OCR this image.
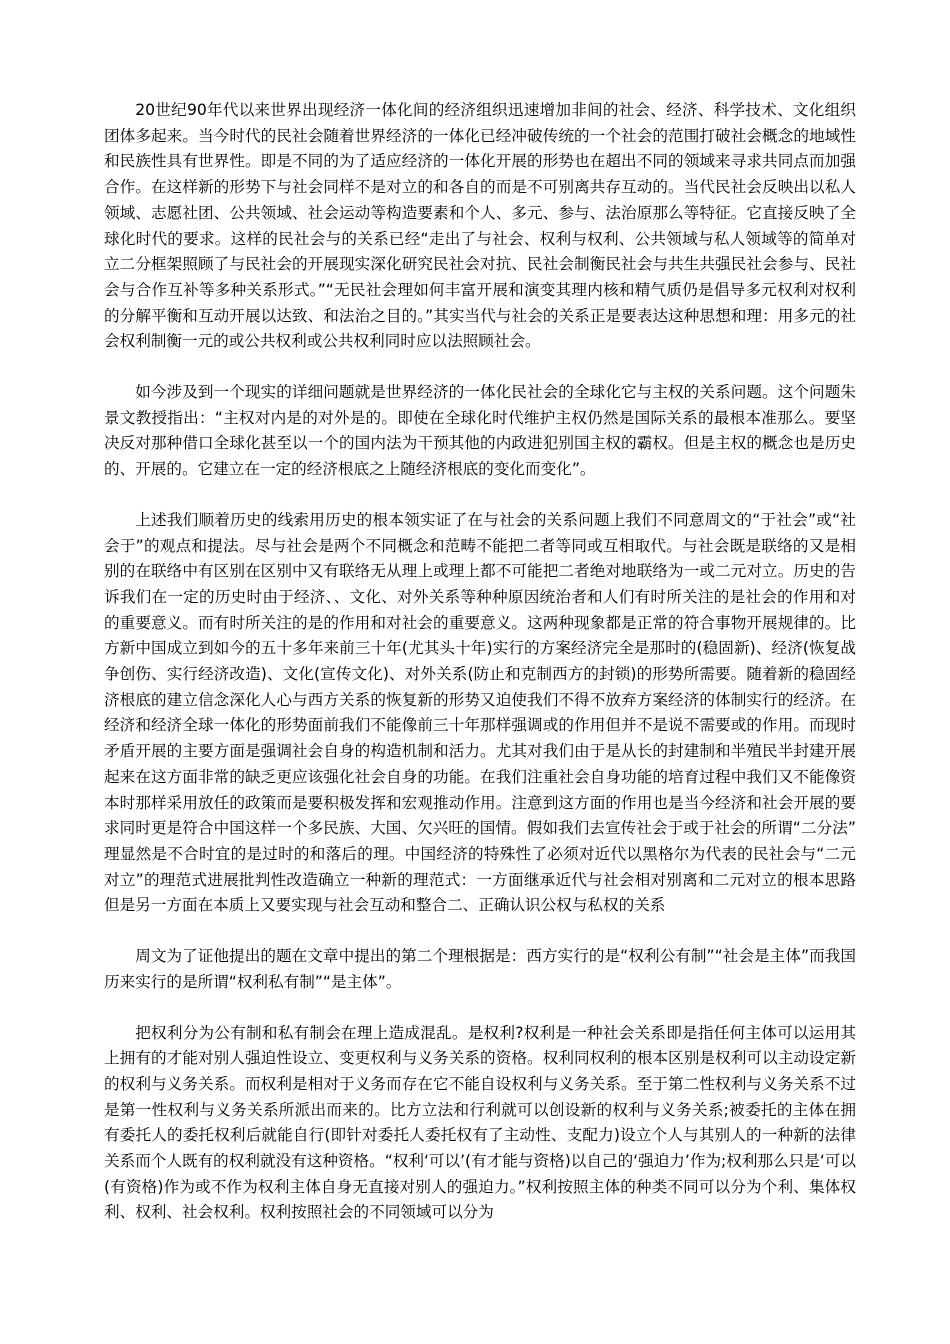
20世纪90年代以来世界出现经济一体化间的经济组织迅速增加非间的社会、经济、科学技术、文化组织团体多起来。当今时代的民社会随着世界经济的一体化已经冲破传统的一个社会的范围打破社会概念的地域性和民族性具有世界性。即是不同的为了适应经济的一体化开展的形势也在超出不同的领域来寻求共同点而加强合作。在这样新的形势下与社会同样不是对立的和各自的而是不可别离共存互动的。当代民社会反映出以私人领域、志愿社团、公共领域、社会运动等构造要素和个人、多元、参与、法治原那么等特征。它直接反映了全球化时代的要求。这样的民社会与的关系已经“走出了与社会、权利与权利、公共领域与私人领域等的简单对立二分框架照顾了与民社会的开展现实深化研究民社会对抗、民社会制衡民社会与共生共强民社会参与、民社会与合作互补等多种关系形式。”“无民社会理如何丰富开展和演变其理内核和精气质仍是倡导多元权利对权利的分解平衡和互动开展以达致、和法治之目的。”其实当代与社会的关系正是要表达这种思想和理：用多元的社会权利制衡一元的或公共权利或公共权利同时应以法照顾社会。

如今涉及到一个现实的详细问题就是世界经济的一体化民社会的全球化它与主权的关系问题。这个问题朱景文教授指出：“主权对内是的对外是的。即使在全球化时代维护主权仍然是国际关系的最根本准那么。要坚决反对那种借口全球化甚至以一个的国内法为干预其他的内政进犯别国主权的霸权。但是主权的概念也是历史的、开展的。它建立在一定的经济根底之上随经济根底的变化而变化”。

上述我们顺着历史的线索用历史的根本领实证了在与社会的关系问题上我们不同意周文的“于社会”或“社会于”的观点和提法。尽与社会是两个不同概念和范畴不能把二者等同或互相取代。与社会既是联络的又是相别的在联络中有区别在区别中又有联络无从理上或理上都不可能把二者绝对地联络为一或二元对立。历史的告诉我们在一定的历史时由于经济、、文化、对外关系等种种原因统治者和人们有时所关注的是社会的作用和对的重要意义。而有时所关注的是的作用和对社会的重要意义。这两种现象都是正常的符合事物开展规律的。比方新中国成立到如今的五十多年来前三十年(尤其头十年)实行的方案经济完全是那时的(稳固新)、经济(恢复战争创伤、实行经济改造)、文化(宣传文化)、对外关系(防止和克制西方的封锁)的形势所需要。随着新的稳固经济根底的建立信念深化人心与西方关系的恢复新的形势又迫使我们不得不放弃方案经济的体制实行的经济。在经济和经济全球一体化的形势面前我们不能像前三十年那样强调或的作用但并不是说不需要或的作用。而现时矛盾开展的主要方面是强调社会自身的构造机制和活力。尤其对我们由于是从长的封建制和半殖民半封建开展起来在这方面非常的缺乏更应该强化社会自身的功能。在我们注重社会自身功能的培育过程中我们又不能像资本时那样采用放任的政策而是要积极发挥和宏观推动作用。注意到这方面的作用也是当今经济和社会开展的要求同时更是符合中国这样一个多民族、大国、欠兴旺的国情。假如我们去宣传社会于或于社会的所谓“二分法”理显然是不合时宜的是过时的和落后的理。中国经济的特殊性了必须对近代以黑格尔为代表的民社会与“二元对立”的理范式进展批判性改造确立一种新的理范式：一方面继承近代与社会相对别离和二元对立的根本思路但是另一方面在本质上又要实现与社会互动和整合二、正确认识公权与私权的关系

周文为了证他提出的题在文章中提出的第二个理根据是：西方实行的是“权利公有制”“社会是主体”而我国历来实行的是所谓“权利私有制”“是主体”。

把权利分为公有制和私有制会在理上造成混乱。是权利?权利是一种社会关系即是指任何主体可以运用其上拥有的才能对别人强迫性设立、变更权利与义务关系的资格。权利同权利的根本区别是权利可以主动设定新的权利与义务关系。而权利是相对于义务而存在它不能自设权利与义务关系。至于第二性权利与义务关系不过是第一性权利与义务关系所派出而来的。比方立法和行利就可以创设新的权利与义务关系;被委托的主体在拥有委托人的委托权利后就能自行(即针对委托人委托权有了主动性、支配力)设立个人与其别人的一种新的法律关系而个人既有的权利就没有这种资格。“权利‘可以’(有才能与资格)以自己的‘强迫力’作为;权利那么只是‘可以(有资格)作为或不作为权利主体自身无直接对别人的强迫力。”权利按照主体的种类不同可以分为个利、集体权利、权利、社会权利。权利按照社会的不同领域可以分为
